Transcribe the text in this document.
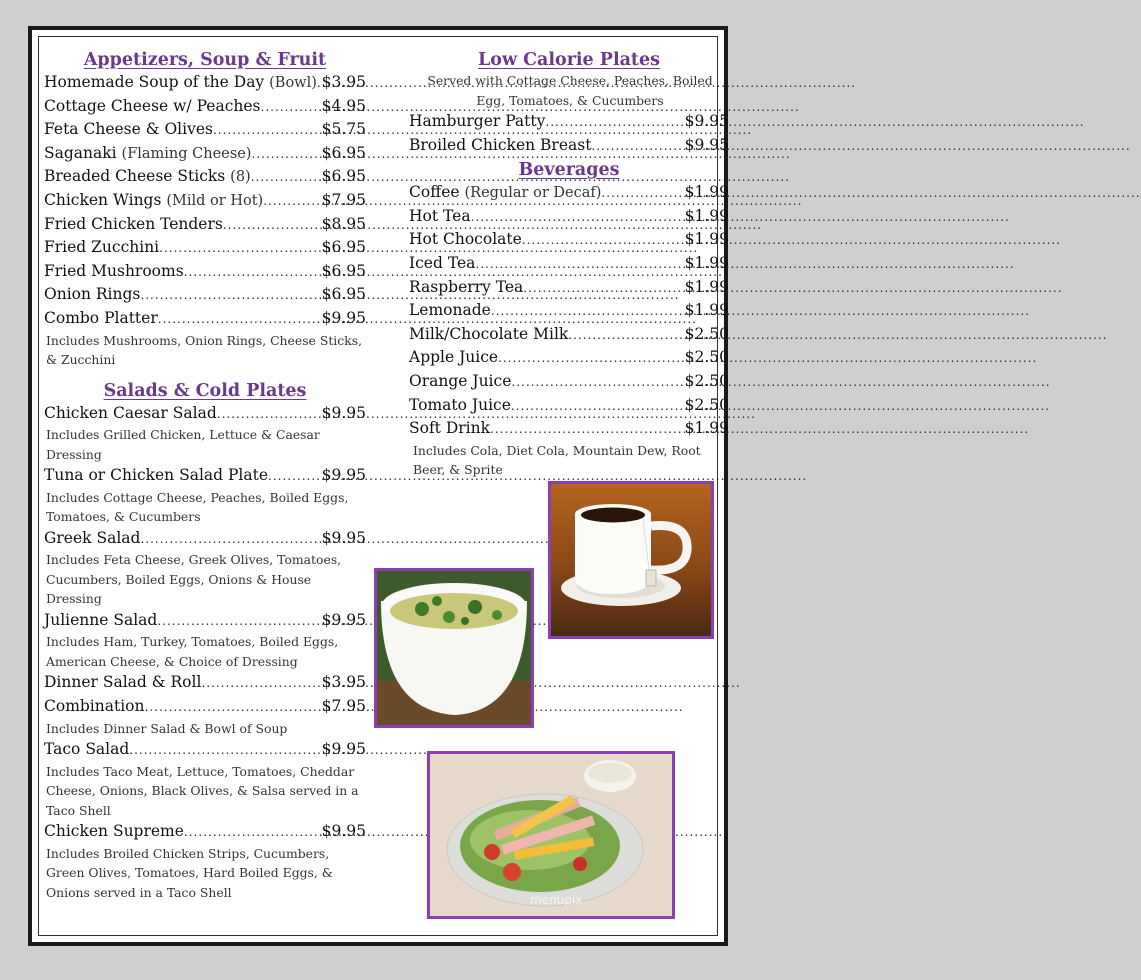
Appetizers, Soup & Fruit
Homemade Soup of the Day (Bowl) ..... $3.95
Cottage Cheese w/ Peaches .....	$4.95
Feta Cheese & Olives .....	$5.75
Saganaki (Flaming Cheese) .....	$6.95
Breaded Cheese Sticks (8) .....	$6.95
Chicken Wings (Mild or Hot) .....	$7.95
Fried Chicken Tenders .....	$8.95
Fried Zucchini .....	$6.95
Fried Mushrooms .....	$6.95
Onion Rings .....	$6.95
Combo Platter .....	$9.95
Includes Mushrooms, Onion Rings, Cheese Sticks, & Zucchini
Salads & Cold Plates
Chicken Caesar Salad .....	$9.95
Includes Grilled Chicken, Lettuce & Caesar Dressing
Tuna or Chicken Salad Plate .....	$9.95
Includes Cottage Cheese, Peaches, Boiled Eggs, Tomatoes, & Cucumbers
Greek Salad .....	$9.95
Includes Feta Cheese, Greek Olives, Tomatoes, Cucumbers, Boiled Eggs, Onions & House Dressing
Julienne Salad .....	$9.95
Includes Ham, Turkey, Tomatoes, Boiled Eggs, American Cheese, & Choice of Dressing
Dinner Salad & Roll .....	$3.95
Combination .....	$7.95
Includes Dinner Salad & Bowl of Soup
Taco Salad .....	$9.95
Includes Taco Meat, Lettuce, Tomatoes, Cheddar Cheese, Onions, Black Olives, & Salsa served in a Taco Shell
Chicken Supreme .....	$9.95
Includes Broiled Chicken Strips, Cucumbers, Green Olives, Tomatoes, Hard Boiled Eggs, & Onions served in a Taco Shell
Low Calorie Plates
Served with Cottage Cheese, Peaches, Boiled Egg, Tomatoes, & Cucumbers
Hamburger Patty .....	$9.95
Broiled Chicken Breast .....	$9.95
Beverages
Coffee (Regular or Decaf) .....	$1.99
Hot Tea .....	$1.99
Hot Chocolate .....	$1.99
Iced Tea .....	$1.99
Raspberry Tea .....	$1.99
Lemonade .....	$1.99
Milk/Chocolate Milk .....	$2.50
Apple Juice .....	$2.50
Orange Juice .....	$2.50
Tomato Juice .....	$2.50
Soft Drink .....	$1.99
Includes Cola, Diet Cola, Mountain Dew, Root Beer, & Sprite
menupix
